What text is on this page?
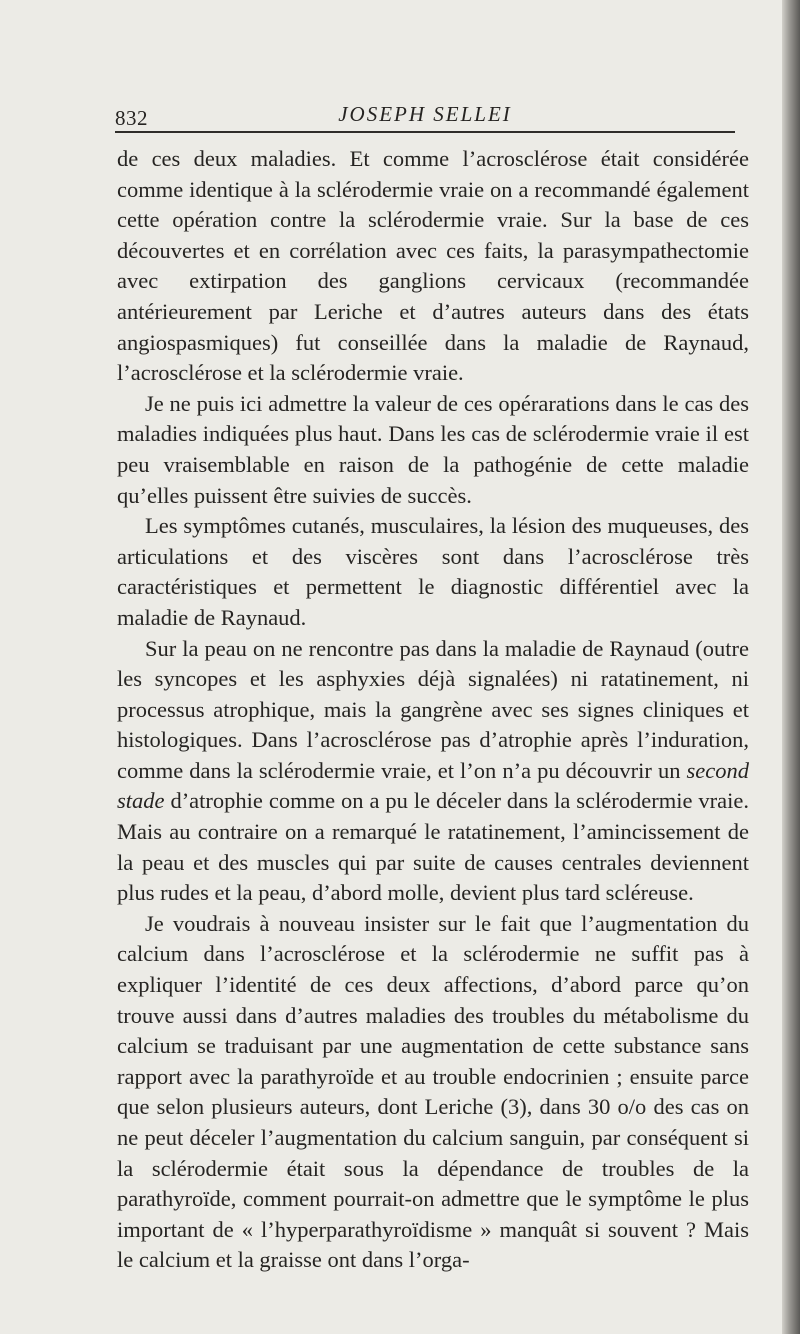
832	JOSEPH SELLEI

de ces deux maladies. Et comme l’acrosclérose était considérée comme identique à la sclérodermie vraie on a recommandé également cette opération contre la sclérodermie vraie. Sur la base de ces découvertes et en corrélation avec ces faits, la parasympathectomie avec extirpation des ganglions cervicaux (recommandée antérieurement par Leriche et d’autres auteurs dans des états angiospasmiques) fut conseillée dans la maladie de Raynaud, l’acrosclérose et la sclérodermie vraie.

Je ne puis ici admettre la valeur de ces opérarations dans le cas des maladies indiquées plus haut. Dans les cas de sclérodermie vraie il est peu vraisemblable en raison de la pathogénie de cette maladie qu’elles puissent être suivies de succès.

Les symptômes cutanés, musculaires, la lésion des muqueuses, des articulations et des viscères sont dans l’acrosclérose très caractéristiques et permettent le diagnostic différentiel avec la maladie de Raynaud.

Sur la peau on ne rencontre pas dans la maladie de Raynaud (outre les syncopes et les asphyxies déjà signalées) ni ratatinement, ni processus atrophique, mais la gangrène avec ses signes cliniques et histologiques. Dans l’acrosclérose pas d’atrophie après l’induration, comme dans la sclérodermie vraie, et l’on n’a pu découvrir un second stade d’atrophie comme on a pu le déceler dans la sclérodermie vraie. Mais au contraire on a remarqué le ratatinement, l’amincissement de la peau et des muscles qui par suite de causes centrales deviennent plus rudes et la peau, d’abord molle, devient plus tard scléreuse.

Je voudrais à nouveau insister sur le fait que l’augmentation du calcium dans l’acrosclérose et la sclérodermie ne suffit pas à expliquer l’identité de ces deux affections, d’abord parce qu’on trouve aussi dans d’autres maladies des troubles du métabolisme du calcium se traduisant par une augmentation de cette substance sans rapport avec la parathyroïde et au trouble endocrinien ; ensuite parce que selon plusieurs auteurs, dont Leriche (3), dans 30 o/o des cas on ne peut déceler l’augmentation du calcium sanguin, par conséquent si la sclérodermie était sous la dépendance de troubles de la parathyroïde, comment pourrait-on admettre que le symptôme le plus important de « l’hyperparathyroïdisme » manquât si souvent ? Mais le calcium et la graisse ont dans l’orga-
